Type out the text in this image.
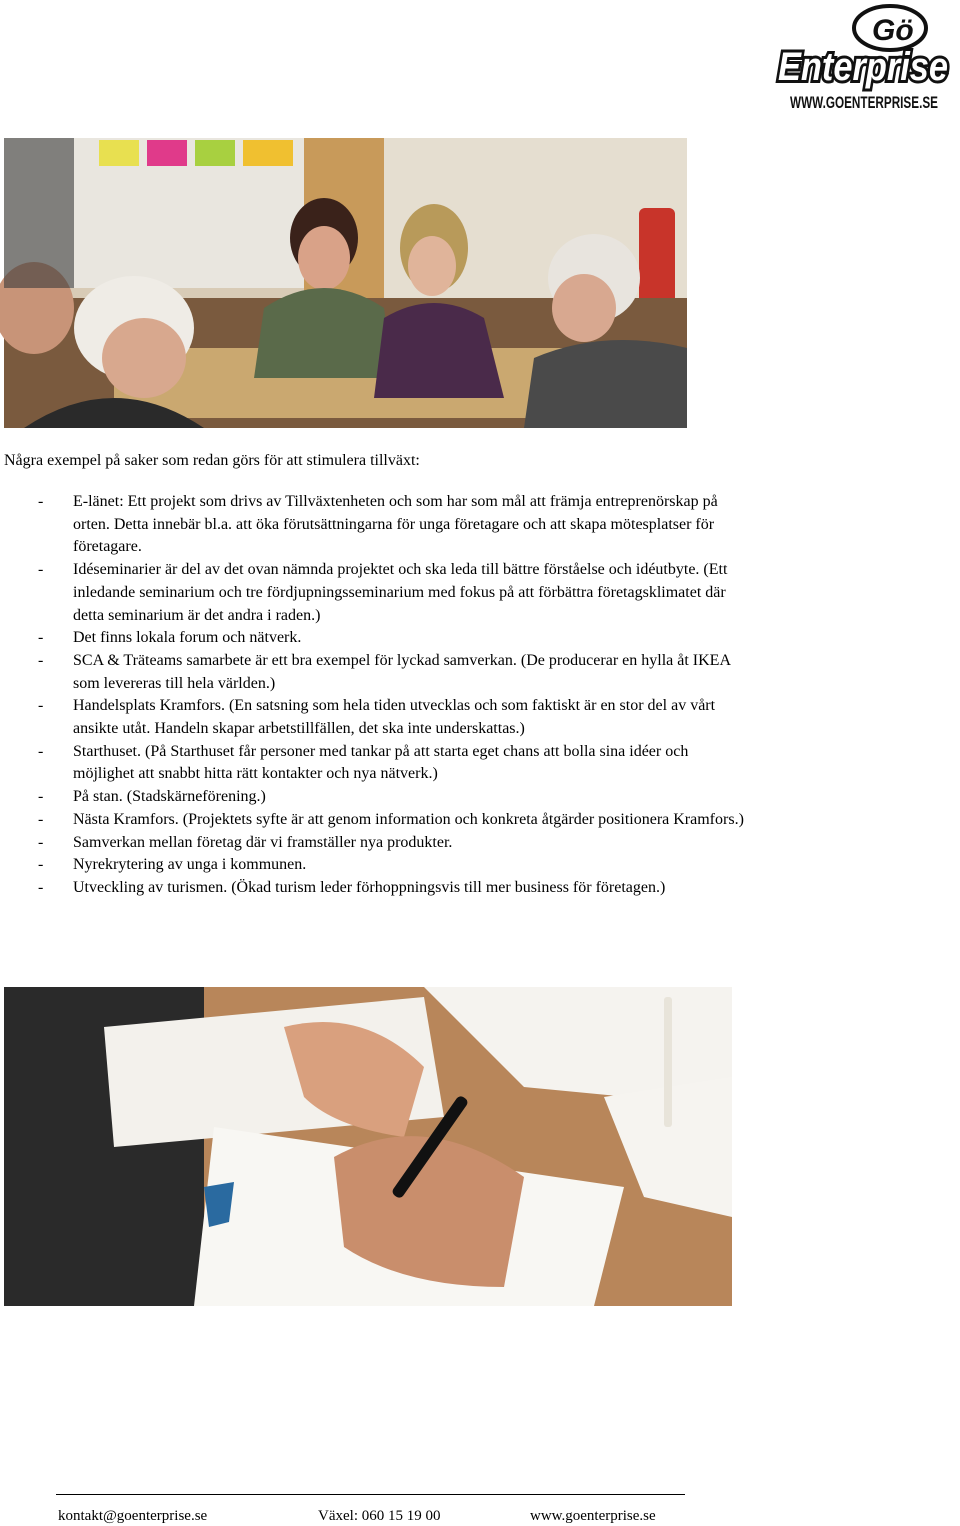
Gö
Enterprise
WWW.GOENTERPRISE.SE
Några exempel på saker som redan görs för att stimulera tillväxt:
- E-länet: Ett projekt som drivs av Tillväxtenheten och som har som mål att främja entreprenörskap på orten. Detta innebär bl.a. att öka förutsättningarna för unga företagare och att skapa mötesplatser för företagare.
- Idéseminarier är del av det ovan nämnda projektet och ska leda till bättre förståelse och idéutbyte. (Ett inledande seminarium och tre fördjupningsseminarium med fokus på att förbättra företagsklimatet där detta seminarium är det andra i raden.)
- Det finns lokala forum och nätverk.
- SCA & Träteams samarbete är ett bra exempel för lyckad samverkan. (De producerar en hylla åt IKEA som levereras till hela världen.)
- Handelsplats Kramfors. (En satsning som hela tiden utvecklas och som faktiskt är en stor del av vårt ansikte utåt. Handeln skapar arbetstillfällen, det ska inte underskattas.)
- Starthuset. (På Starthuset får personer med tankar på att starta eget chans att bolla sina idéer och möjlighet att snabbt hitta rätt kontakter och nya nätverk.)
- På stan. (Stadskärneförening.)
- Nästa Kramfors. (Projektets syfte är att genom information och konkreta åtgärder positionera Kramfors.)
- Samverkan mellan företag där vi framställer nya produkter.
- Nyrekrytering av unga i kommunen.
- Utveckling av turismen. (Ökad turism leder förhoppningsvis till mer business för företagen.)
kontakt@goenterprise.se	Växel: 060 15 19 00	www.goenterprise.se
